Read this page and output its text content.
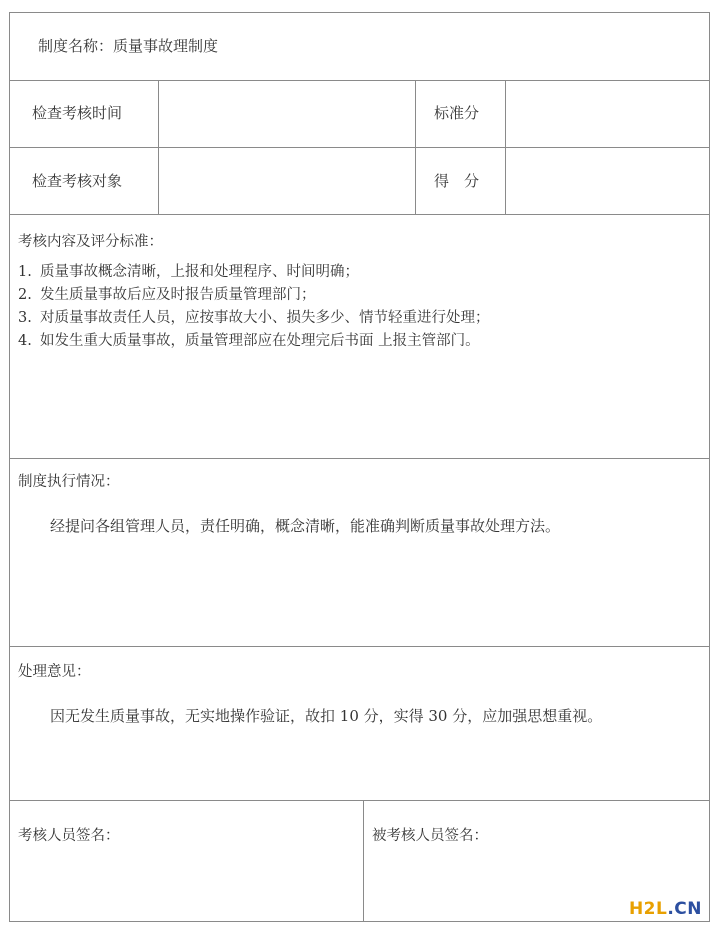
制度名称：质量事故理制度
检查考核时间	标准分
检查考核对象	得　分
考核内容及评分标准：
1. 质量事故概念清晰，上报和处理程序、时间明确；
2. 发生质量事故后应及时报告质量管理部门；
3. 对质量事故责任人员，应按事故大小、损失多少、情节轻重进行处理；
4. 如发生重大质量事故，质量管理部应在处理完后书面 上报主管部门。
制度执行情况：
经提问各组管理人员，责任明确，概念清晰，能准确判断质量事故处理方法。
处理意见：
因无发生质量事故，无实地操作验证，故扣 10 分，实得 30 分，应加强思想重视。
考核人员签名：	被考核人员签名：
H2L.CN
